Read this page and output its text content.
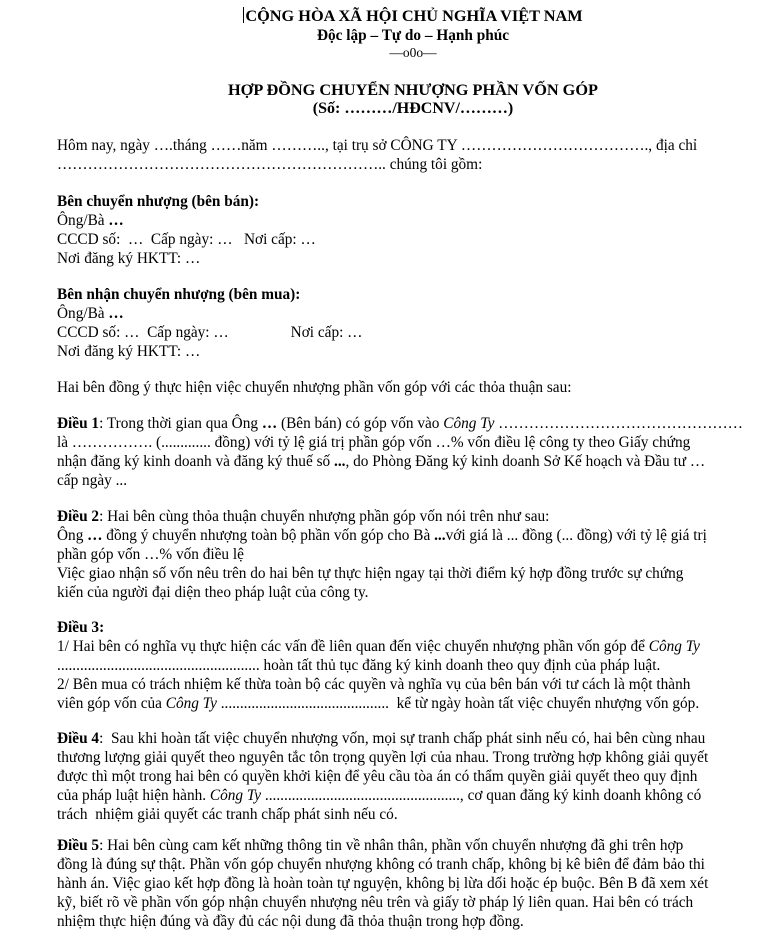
CỘNG HÒA XÃ HỘI CHỦ NGHĨA VIỆT NAM
Độc lập – Tự do – Hạnh phúc
—o0o—
HỢP ĐỒNG CHUYỂN NHƯỢNG PHẦN VỐN GÓP
(Số: ………/HĐCNV/………)
Hôm nay, ngày ….tháng ……năm ……….., tại trụ sở CÔNG TY ………………………………., địa chỉ
……………………………………………………….. chúng tôi gồm:
Bên chuyển nhượng (bên bán):
Ông/Bà …
CCCD số:  …  Cấp ngày: …   Nơi cấp: …
Nơi đăng ký HKTT: …
Bên nhận chuyển nhượng (bên mua):
Ông/Bà …
CCCD số: …  Cấp ngày: …	Nơi cấp: …
Nơi đăng ký HKTT: …
Hai bên đồng ý thực hiện việc chuyển nhượng phần vốn góp với các thỏa thuận sau:
Điều 1: Trong thời gian qua Ông … (Bên bán) có góp vốn vào Công Ty …………………………………………
là ……………. (............. đồng) với tỷ lệ giá trị phần góp vốn …% vốn điều lệ công ty theo Giấy chứng
nhận đăng ký kinh doanh và đăng ký thuế số ..., do Phòng Đăng ký kinh doanh Sở Kế hoạch và Đầu tư …
cấp ngày ...
Điều 2: Hai bên cùng thỏa thuận chuyển nhượng phần góp vốn nói trên như sau:
Ông … đồng ý chuyển nhượng toàn bộ phần vốn góp cho Bà ...với giá là ... đồng (... đồng) với tỷ lệ giá trị
phần góp vốn …% vốn điều lệ
Việc giao nhận số vốn nêu trên do hai bên tự thực hiện ngay tại thời điểm ký hợp đồng trước sự chứng
kiến của người đại diện theo pháp luật của công ty.
Điều 3:
1/ Hai bên có nghĩa vụ thực hiện các vấn đề liên quan đến việc chuyển nhượng phần vốn góp để Công Ty
..................................................... hoàn tất thủ tục đăng ký kinh doanh theo quy định của pháp luật.
2/ Bên mua có trách nhiệm kế thừa toàn bộ các quyền và nghĩa vụ của bên bán với tư cách là một thành
viên góp vốn của Công Ty ............................................  kể từ ngày hoàn tất việc chuyển nhượng vốn góp.
Điều 4:  Sau khi hoàn tất việc chuyển nhượng vốn, mọi sự tranh chấp phát sinh nếu có, hai bên cùng nhau
thương lượng giải quyết theo nguyên tắc tôn trọng quyền lợi của nhau. Trong trường hợp không giải quyết
được thì một trong hai bên có quyền khởi kiện để yêu cầu tòa án có thẩm quyền giải quyết theo quy định
của pháp luật hiện hành. Công Ty ..................................................., cơ quan đăng ký kinh doanh không có
trách  nhiệm giải quyết các tranh chấp phát sinh nếu có.
Điều 5: Hai bên cùng cam kết những thông tin về nhân thân, phần vốn chuyển nhượng đã ghi trên hợp
đồng là đúng sự thật. Phần vốn góp chuyển nhượng không có tranh chấp, không bị kê biên để đảm bảo thi
hành án. Việc giao kết hợp đồng là hoàn toàn tự nguyện, không bị lừa dối hoặc ép buộc. Bên B đã xem xét
kỹ, biết rõ về phần vốn góp nhận chuyển nhượng nêu trên và giấy tờ pháp lý liên quan. Hai bên có trách
nhiệm thực hiện đúng và đầy đủ các nội dung đã thỏa thuận trong hợp đồng.
